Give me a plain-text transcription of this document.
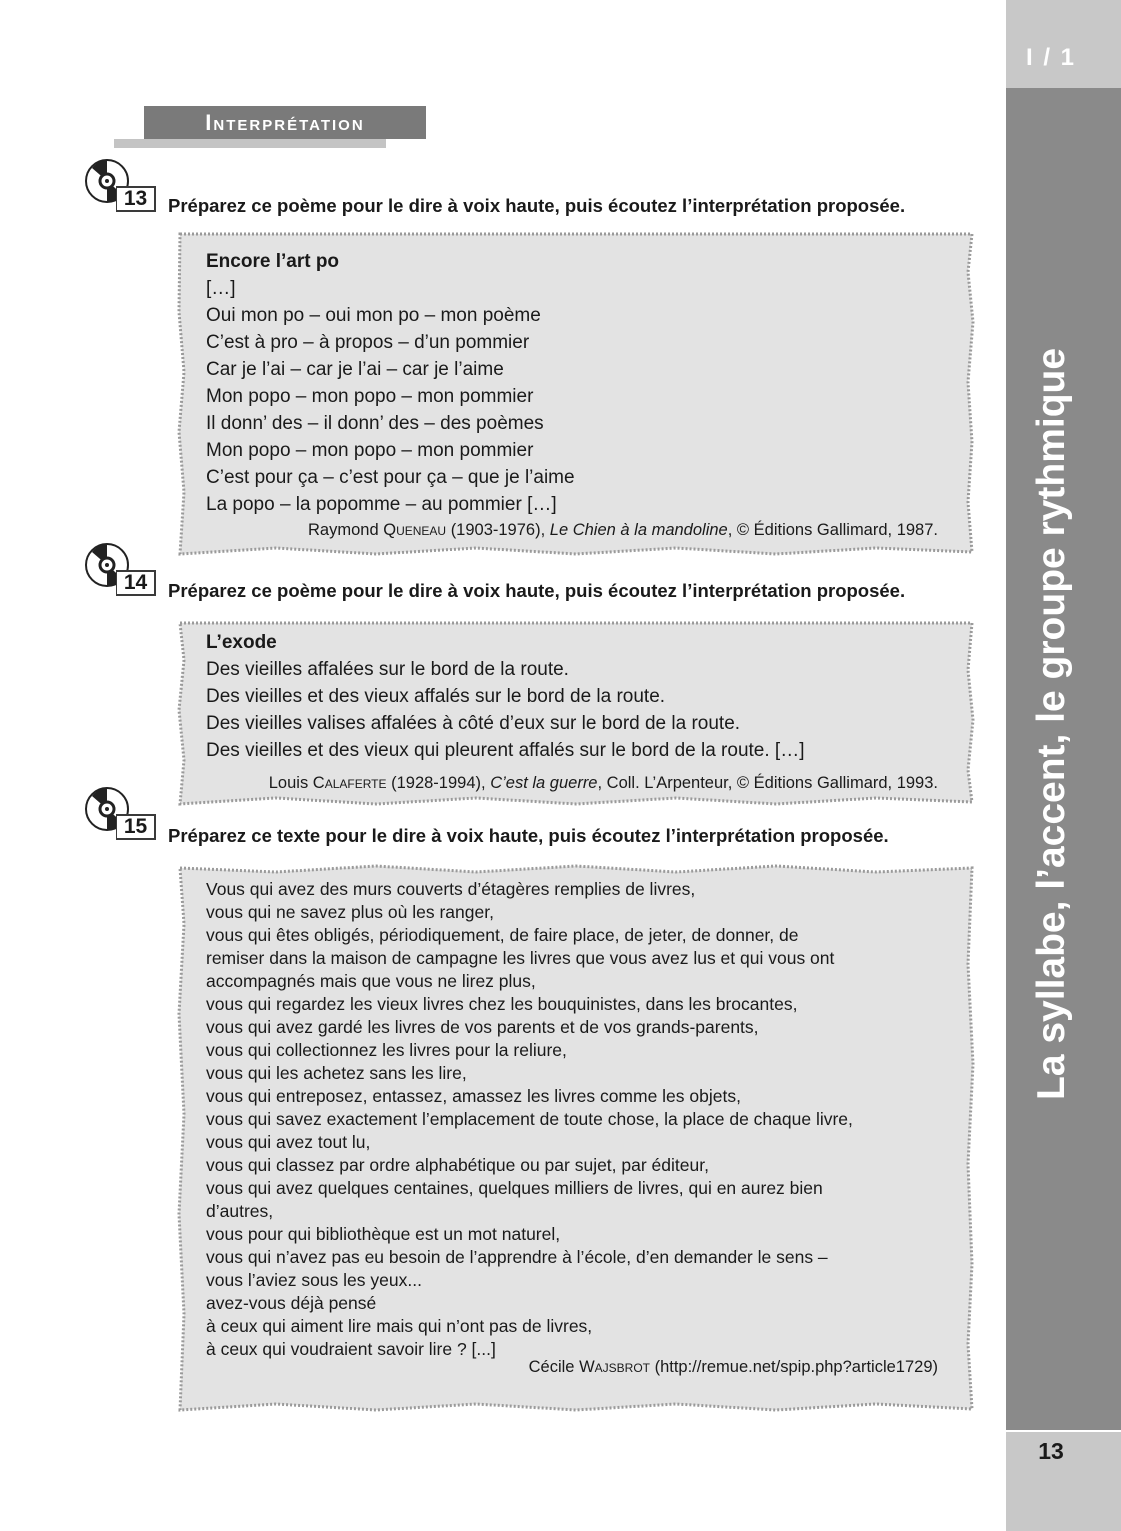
I / 1
13
La syllabe, l’accent, le groupe rythmique
Interprétation
13	Préparez ce poème pour le dire à voix haute, puis écoutez l’interprétation proposée.
Encore l’art po
[…]
Oui mon po – oui mon po – mon poème
C’est à pro – à propos – d’un pommier
Car je l’ai – car je l’ai – car je l’aime
Mon popo – mon popo – mon pommier
Il donn’ des – il donn’ des – des poèmes
Mon popo – mon popo – mon pommier
C’est pour ça – c’est pour ça – que je l’aime
La popo – la popomme – au pommier […]
Raymond Queneau (1903-1976), Le Chien à la mandoline, © Éditions Gallimard, 1987.
14	Préparez ce poème pour le dire à voix haute, puis écoutez l’interprétation proposée.
L’exode
Des vieilles affalées sur le bord de la route.
Des vieilles et des vieux affalés sur le bord de la route.
Des vieilles valises affalées à côté d’eux sur le bord de la route.
Des vieilles et des vieux qui pleurent affalés sur le bord de la route. […]
Louis Calaferte (1928-1994), C’est la guerre, Coll. L’Arpenteur, © Éditions Gallimard, 1993.
15	Préparez ce texte pour le dire à voix haute, puis écoutez l’interprétation proposée.
Vous qui avez des murs couverts d’étagères remplies de livres,
vous qui ne savez plus où les ranger,
vous qui êtes obligés, périodiquement, de faire place, de jeter, de donner, de
remiser dans la maison de campagne les livres que vous avez lus et qui vous ont
accompagnés mais que vous ne lirez plus,
vous qui regardez les vieux livres chez les bouquinistes, dans les brocantes,
vous qui avez gardé les livres de vos parents et de vos grands-parents,
vous qui collectionnez les livres pour la reliure,
vous qui les achetez sans les lire,
vous qui entreposez, entassez, amassez les livres comme les objets,
vous qui savez exactement l’emplacement de toute chose, la place de chaque livre,
vous qui avez tout lu,
vous qui classez par ordre alphabétique ou par sujet, par éditeur,
vous qui avez quelques centaines, quelques milliers de livres, qui en aurez bien
d’autres,
vous pour qui bibliothèque est un mot naturel,
vous qui n’avez pas eu besoin de l’apprendre à l’école, d’en demander le sens –
vous l’aviez sous les yeux...
avez-vous déjà pensé
à ceux qui aiment lire mais qui n’ont pas de livres,
à ceux qui voudraient savoir lire ? [...]
Cécile Wajsbrot (http://remue.net/spip.php?article1729)
